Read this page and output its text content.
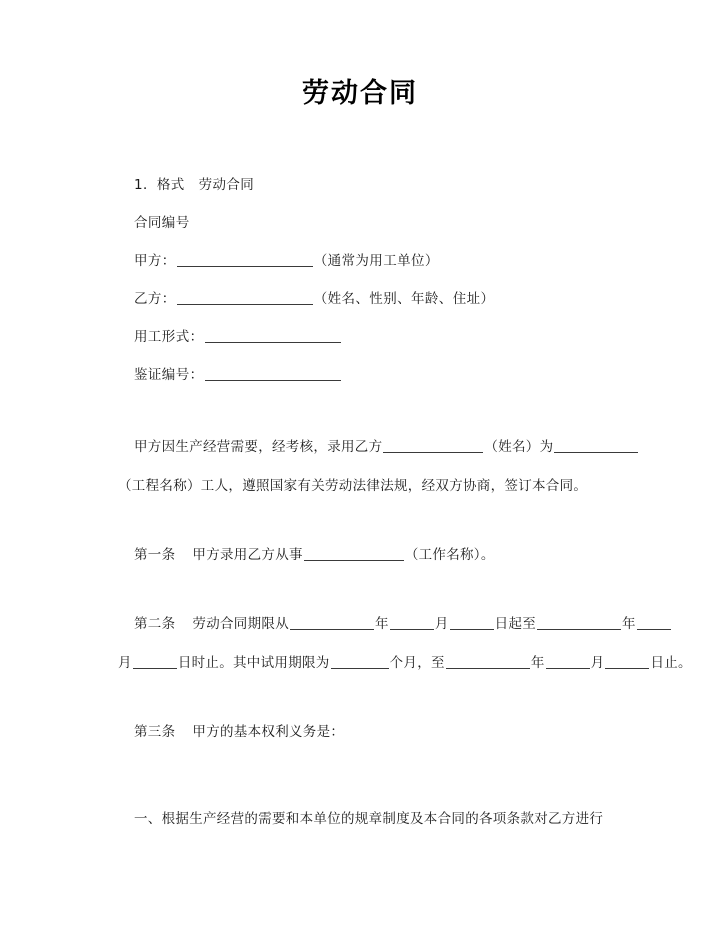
劳动合同
1．格式　劳动合同
合同编号
甲方：	（通常为用工单位）
乙方：	（姓名、性别、年龄、住址）
用工形式：
鉴证编号：
甲方因生产经营需要，经考核，录用乙方	（姓名）为
（工程名称）工人，遵照国家有关劳动法律法规，经双方协商，签订本合同。
第一条 甲方录用乙方从事	（工作名称）。
第二条 劳动合同期限从	年	月	日起至	年
月	日时止。其中试用期限为	个月，至	年	月	日止。
第三条 甲方的基本权利义务是：
一、根据生产经营的需要和本单位的规章制度及本合同的各项条款对乙方进行
